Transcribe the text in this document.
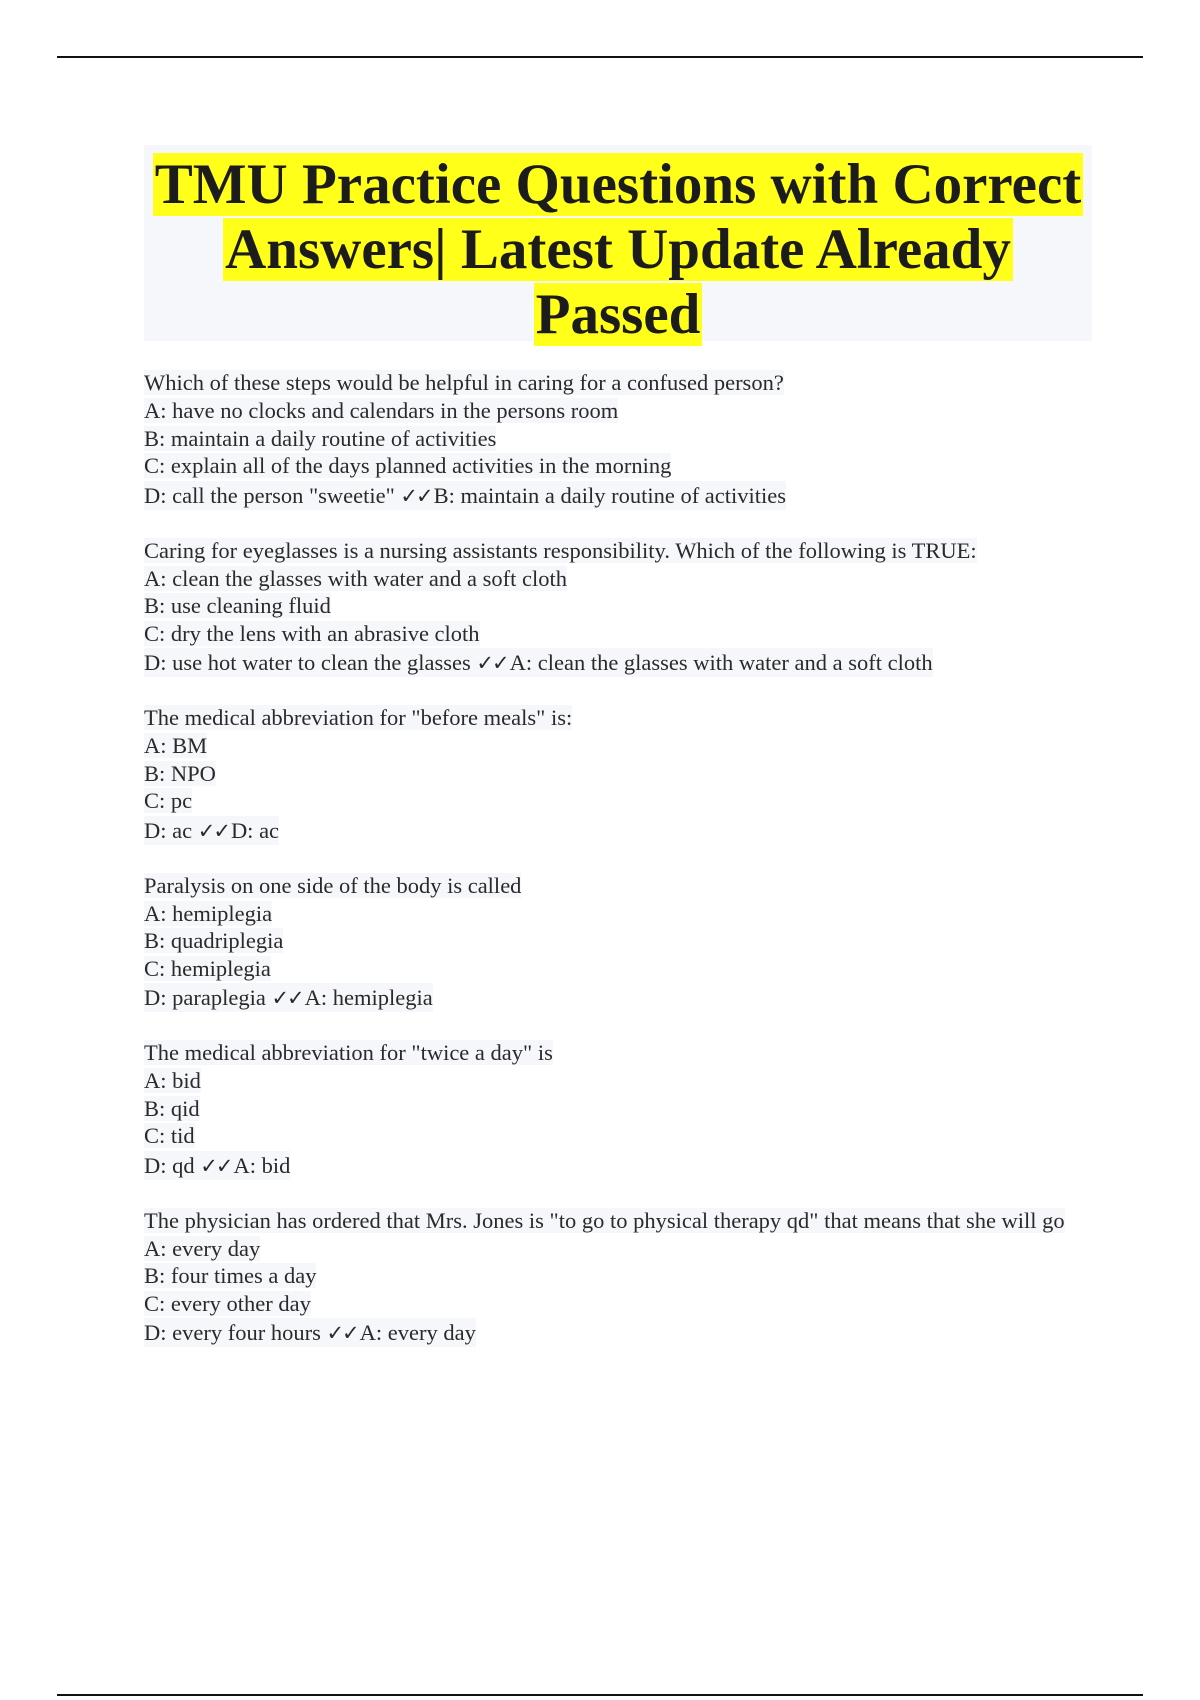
TMU Practice Questions with Correct Answers| Latest Update Already Passed
Which of these steps would be helpful in caring for a confused person?
A: have no clocks and calendars in the persons room
B: maintain a daily routine of activities
C: explain all of the days planned activities in the morning
D: call the person "sweetie" ✓✓B: maintain a daily routine of activities
Caring for eyeglasses is a nursing assistants responsibility. Which of the following is TRUE:
A: clean the glasses with water and a soft cloth
B: use cleaning fluid
C: dry the lens with an abrasive cloth
D: use hot water to clean the glasses ✓✓A: clean the glasses with water and a soft cloth
The medical abbreviation for "before meals" is:
A: BM
B: NPO
C: pc
D: ac ✓✓D: ac
Paralysis on one side of the body is called
A: hemiplegia
B: quadriplegia
C: hemiplegia
D: paraplegia ✓✓A: hemiplegia
The medical abbreviation for "twice a day" is
A: bid
B: qid
C: tid
D: qd ✓✓A: bid
The physician has ordered that Mrs. Jones is "to go to physical therapy qd" that means that she will go
A: every day
B: four times a day
C: every other day
D: every four hours ✓✓A: every day
